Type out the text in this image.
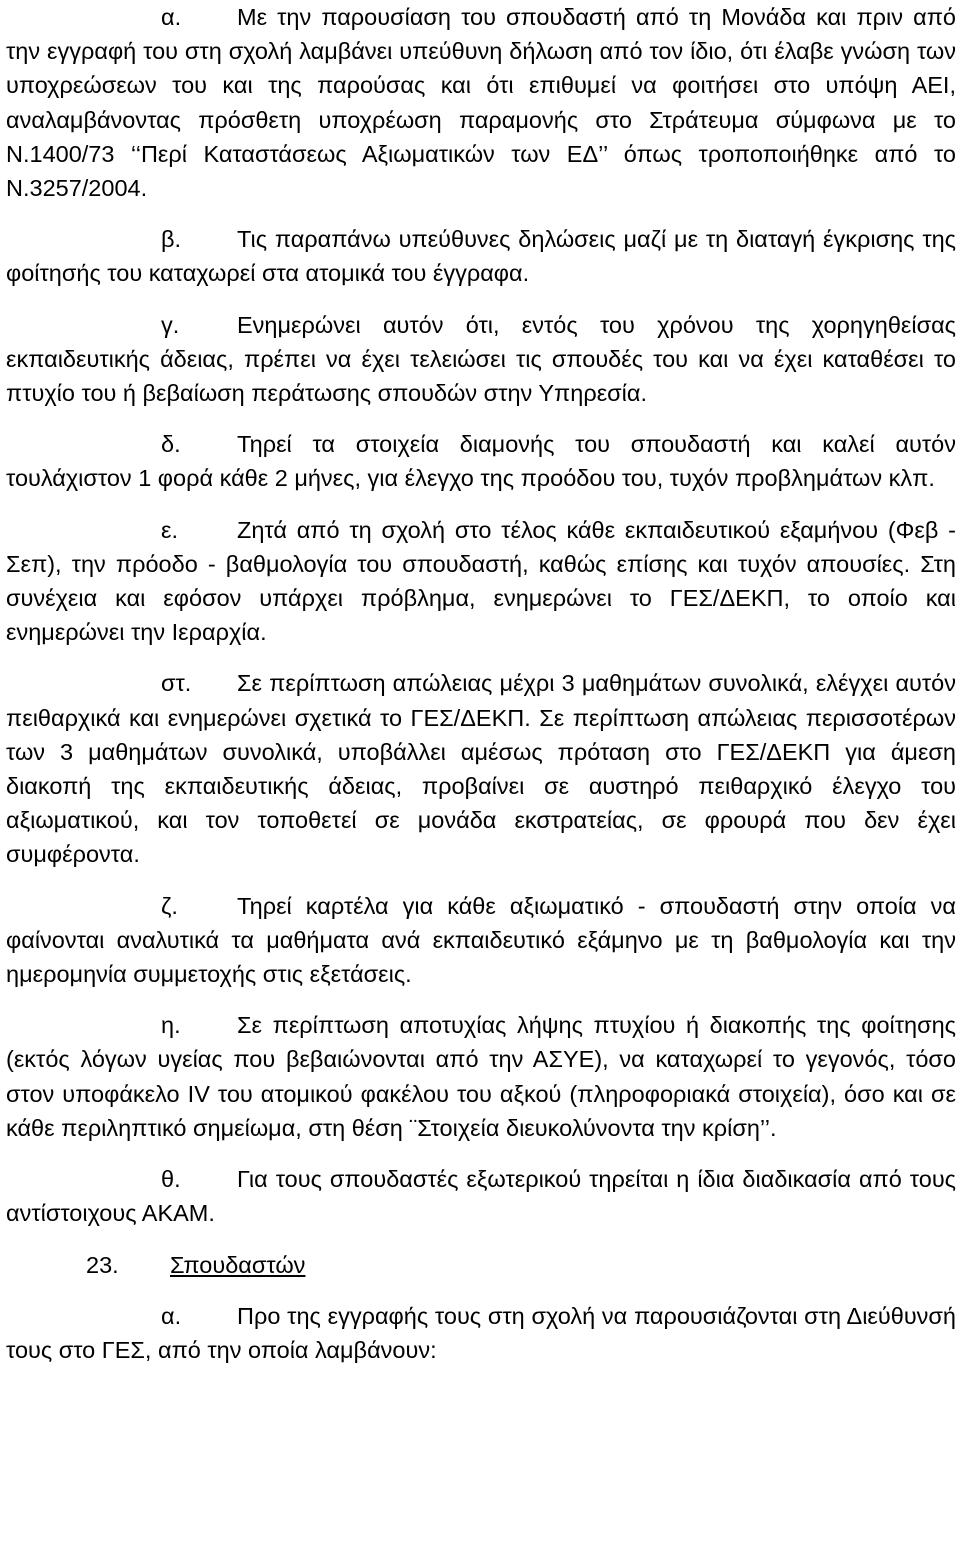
α. Με την παρουσίαση του σπουδαστή από τη Μονάδα και πριν από την εγγραφή του στη σχολή λαμβάνει υπεύθυνη δήλωση από τον ίδιο, ότι έλαβε γνώση των υποχρεώσεων του και της παρούσας και ότι επιθυμεί να φοιτήσει στο υπόψη ΑΕΙ, αναλαμβάνοντας πρόσθετη υποχρέωση παραμονής στο Στράτευμα σύμφωνα με το Ν.1400/73 ‘‘Περί Καταστάσεως Αξιωματικών των ΕΔ’’ όπως τροποποιήθηκε από το Ν.3257/2004.

β. Τις παραπάνω υπεύθυνες δηλώσεις μαζί με τη διαταγή έγκρισης της φοίτησής του καταχωρεί στα ατομικά του έγγραφα.

γ. Ενημερώνει αυτόν ότι, εντός του χρόνου της χορηγηθείσας εκπαιδευτικής άδειας, πρέπει να έχει τελειώσει τις σπουδές του και να έχει καταθέσει το πτυχίο του ή βεβαίωση περάτωσης σπουδών στην Υπηρεσία.

δ. Τηρεί τα στοιχεία διαμονής του σπουδαστή και καλεί αυτόν τουλάχιστον 1 φορά κάθε 2 μήνες, για έλεγχο της προόδου του, τυχόν προβλημάτων κλπ.

ε.	Ζητά από τη σχολή στο τέλος κάθε εκπαιδευτικού εξαμήνου (Φεβ - Σεπ), την πρόοδο - βαθμολογία του σπουδαστή, καθώς επίσης και τυχόν απουσίες. Στη συνέχεια και εφόσον υπάρχει πρόβλημα, ενημερώνει το ΓΕΣ/ΔΕΚΠ, το οποίο και ενημερώνει την Ιεραρχία.

στ. Σε περίπτωση απώλειας μέχρι 3 μαθημάτων συνολικά, ελέγχει αυτόν πειθαρχικά και ενημερώνει σχετικά το ΓΕΣ/ΔΕΚΠ. Σε περίπτωση απώλειας περισσοτέρων των 3 μαθημάτων συνολικά, υποβάλλει αμέσως πρόταση στο ΓΕΣ/ΔΕΚΠ για άμεση διακοπή της εκπαιδευτικής άδειας, προβαίνει σε αυστηρό πειθαρχικό έλεγχο του αξιωματικού, και τον τοποθετεί σε μονάδα εκστρατείας, σε φρουρά που δεν έχει συμφέροντα.

ζ.	Τηρεί καρτέλα για κάθε αξιωματικό - σπουδαστή στην οποία να φαίνονται αναλυτικά τα μαθήματα ανά εκπαιδευτικό εξάμηνο με τη βαθμολογία και την ημερομηνία συμμετοχής στις εξετάσεις.

η. Σε περίπτωση αποτυχίας λήψης πτυχίου ή διακοπής της φοίτησης (εκτός λόγων υγείας που βεβαιώνονται από την ΑΣΥΕ), να καταχωρεί το γεγονός, τόσο στον υποφάκελο ΙV του ατομικού φακέλου του αξκού (πληροφοριακά στοιχεία), όσο και σε κάθε περιληπτικό σημείωμα, στη θέση ¨Στοιχεία διευκολύνοντα την κρίση’’.

θ. Για τους σπουδαστές εξωτερικού τηρείται η ίδια διαδικασία από τους αντίστοιχους ΑΚΑΜ.

23. Σπουδαστών

α. Προ της εγγραφής τους στη σχολή να παρουσιάζονται στη Διεύθυνσή τους στο ΓΕΣ, από την οποία λαμβάνουν:
